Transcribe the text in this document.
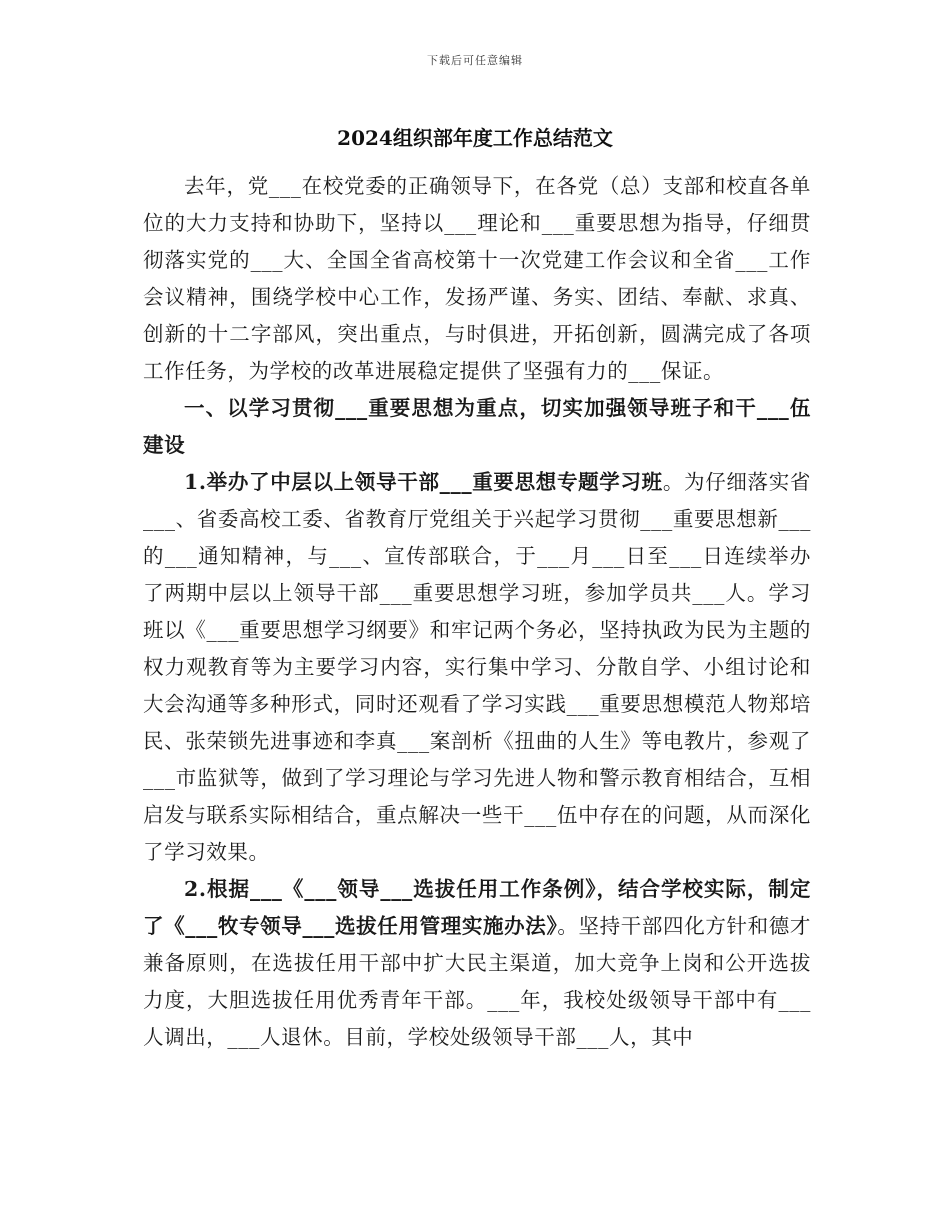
下载后可任意编辑
2024组织部年度工作总结范文

去年，党___在校党委的正确领导下，在各党（总）支部和校直各单位的大力支持和协助下，坚持以___理论和___重要思想为指导，仔细贯彻落实党的___大、全国全省高校第十一次党建工作会议和全省___工作会议精神，围绕学校中心工作，发扬严谨、务实、团结、奉献、求真、创新的十二字部风，突出重点，与时俱进，开拓创新，圆满完成了各项工作任务，为学校的改革进展稳定提供了坚强有力的___保证。

一、以学习贯彻___重要思想为重点，切实加强领导班子和干___伍建设

1.举办了中层以上领导干部___重要思想专题学习班。为仔细落实省___、省委高校工委、省教育厅党组关于兴起学习贯彻___重要思想新___的___通知精神，与___、宣传部联合，于___月___日至___日连续举办了两期中层以上领导干部___重要思想学习班，参加学员共___人。学习班以《___重要思想学习纲要》和牢记两个务必，坚持执政为民为主题的权力观教育等为主要学习内容，实行集中学习、分散自学、小组讨论和大会沟通等多种形式，同时还观看了学习实践___重要思想模范人物郑培民、张荣锁先进事迹和李真___案剖析《扭曲的人生》等电教片，参观了___市监狱等，做到了学习理论与学习先进人物和警示教育相结合，互相启发与联系实际相结合，重点解决一些干___伍中存在的问题，从而深化了学习效果。

2.根据___《___领导___选拔任用工作条例》，结合学校实际，制定了《___牧专领导___选拔任用管理实施办法》。坚持干部四化方针和德才兼备原则，在选拔任用干部中扩大民主渠道，加大竞争上岗和公开选拔力度，大胆选拔任用优秀青年干部。___年，我校处级领导干部中有___人调出，___人退休。目前，学校处级领导干部___人，其中
